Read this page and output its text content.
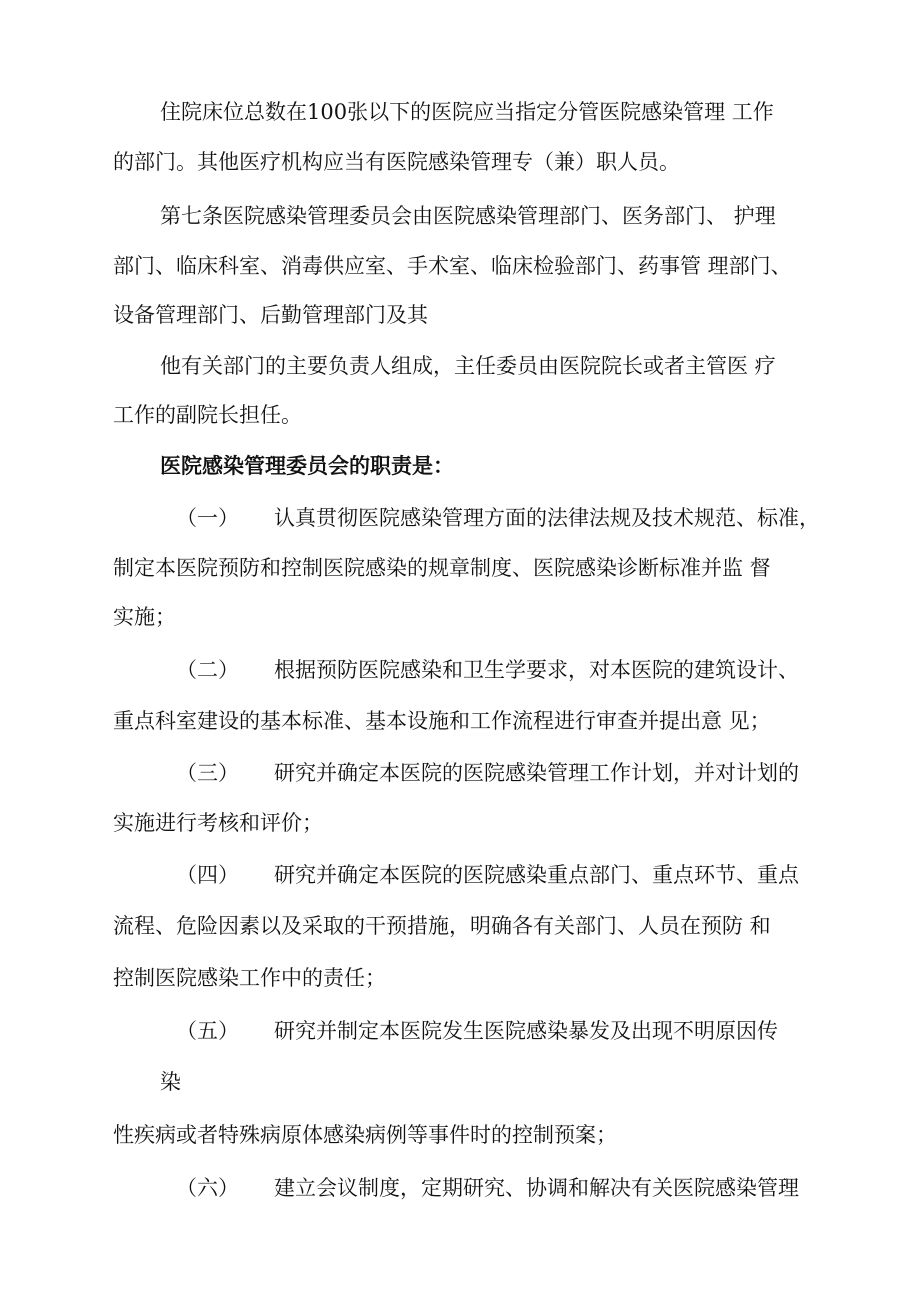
住院床位总数在100张以下的医院应当指定分管医院感染管理 工作
的部门。其他医疗机构应当有医院感染管理专（兼）职人员。
第七条医院感染管理委员会由医院感染管理部门、医务部门、 护理
部门、临床科室、消毒供应室、手术室、临床检验部门、药事管 理部门、
设备管理部门、后勤管理部门及其
他有关部门的主要负责人组成，主任委员由医院院长或者主管医 疗
工作的副院长担任。
医院感染管理委员会的职责是：
（一） 认真贯彻医院感染管理方面的法律法规及技术规范、标准，
制定本医院预防和控制医院感染的规章制度、医院感染诊断标准并监 督
实施；
（二） 根据预防医院感染和卫生学要求，对本医院的建筑设计、
重点科室建设的基本标准、基本设施和工作流程进行审查并提出意 见；
（三） 研究并确定本医院的医院感染管理工作计划，并对计划的
实施进行考核和评价；
（四） 研究并确定本医院的医院感染重点部门、重点环节、重点
流程、危险因素以及采取的干预措施，明确各有关部门、人员在预防 和
控制医院感染工作中的责任；
（五） 研究并制定本医院发生医院感染暴发及出现不明原因传
染
性疾病或者特殊病原体感染病例等事件时的控制预案；
（六） 建立会议制度，定期研究、协调和解决有关医院感染管理
